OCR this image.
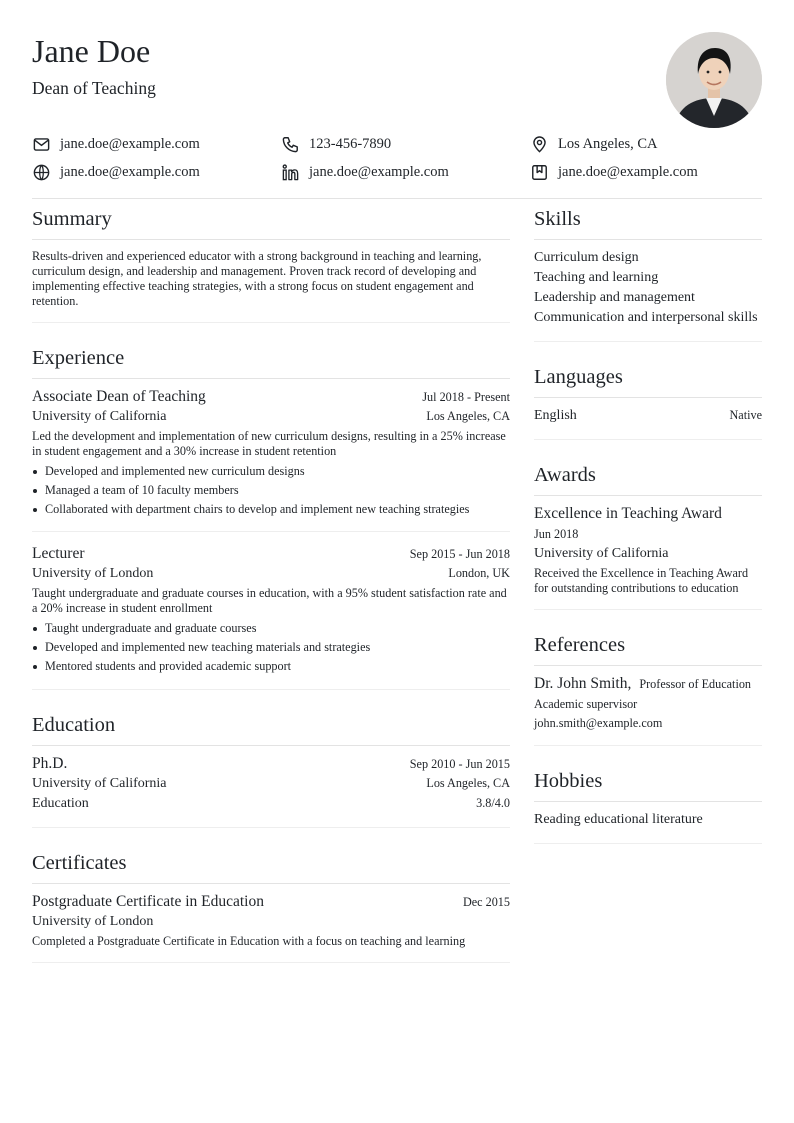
Jane Doe
Dean of Teaching
jane.doe@example.com	123-456-7890	Los Angeles, CA
jane.doe@example.com	jane.doe@example.com	jane.doe@example.com
Summary
Results-driven and experienced educator with a strong background in teaching and learning, curriculum design, and leadership and management. Proven track record of developing and implementing effective teaching strategies, with a strong focus on student engagement and retention.
Experience
Associate Dean of Teaching	Jul 2018 - Present
University of California	Los Angeles, CA
Led the development and implementation of new curriculum designs, resulting in a 25% increase in student engagement and a 30% increase in student retention
Developed and implemented new curriculum designs
Managed a team of 10 faculty members
Collaborated with department chairs to develop and implement new teaching strategies
Lecturer	Sep 2015 - Jun 2018
University of London	London, UK
Taught undergraduate and graduate courses in education, with a 95% student satisfaction rate and a 20% increase in student enrollment
Taught undergraduate and graduate courses
Developed and implemented new teaching materials and strategies
Mentored students and provided academic support
Education
Ph.D.	Sep 2010 - Jun 2015
University of California	Los Angeles, CA
Education	3.8/4.0
Certificates
Postgraduate Certificate in Education	Dec 2015
University of London
Completed a Postgraduate Certificate in Education with a focus on teaching and learning
Skills
Curriculum design
Teaching and learning
Leadership and management
Communication and interpersonal skills
Languages
English	Native
Awards
Excellence in Teaching Award
Jun 2018
University of California
Received the Excellence in Teaching Award for outstanding contributions to education
References
Dr. John Smith, Professor of Education
Academic supervisor
john.smith@example.com
Hobbies
Reading educational literature
